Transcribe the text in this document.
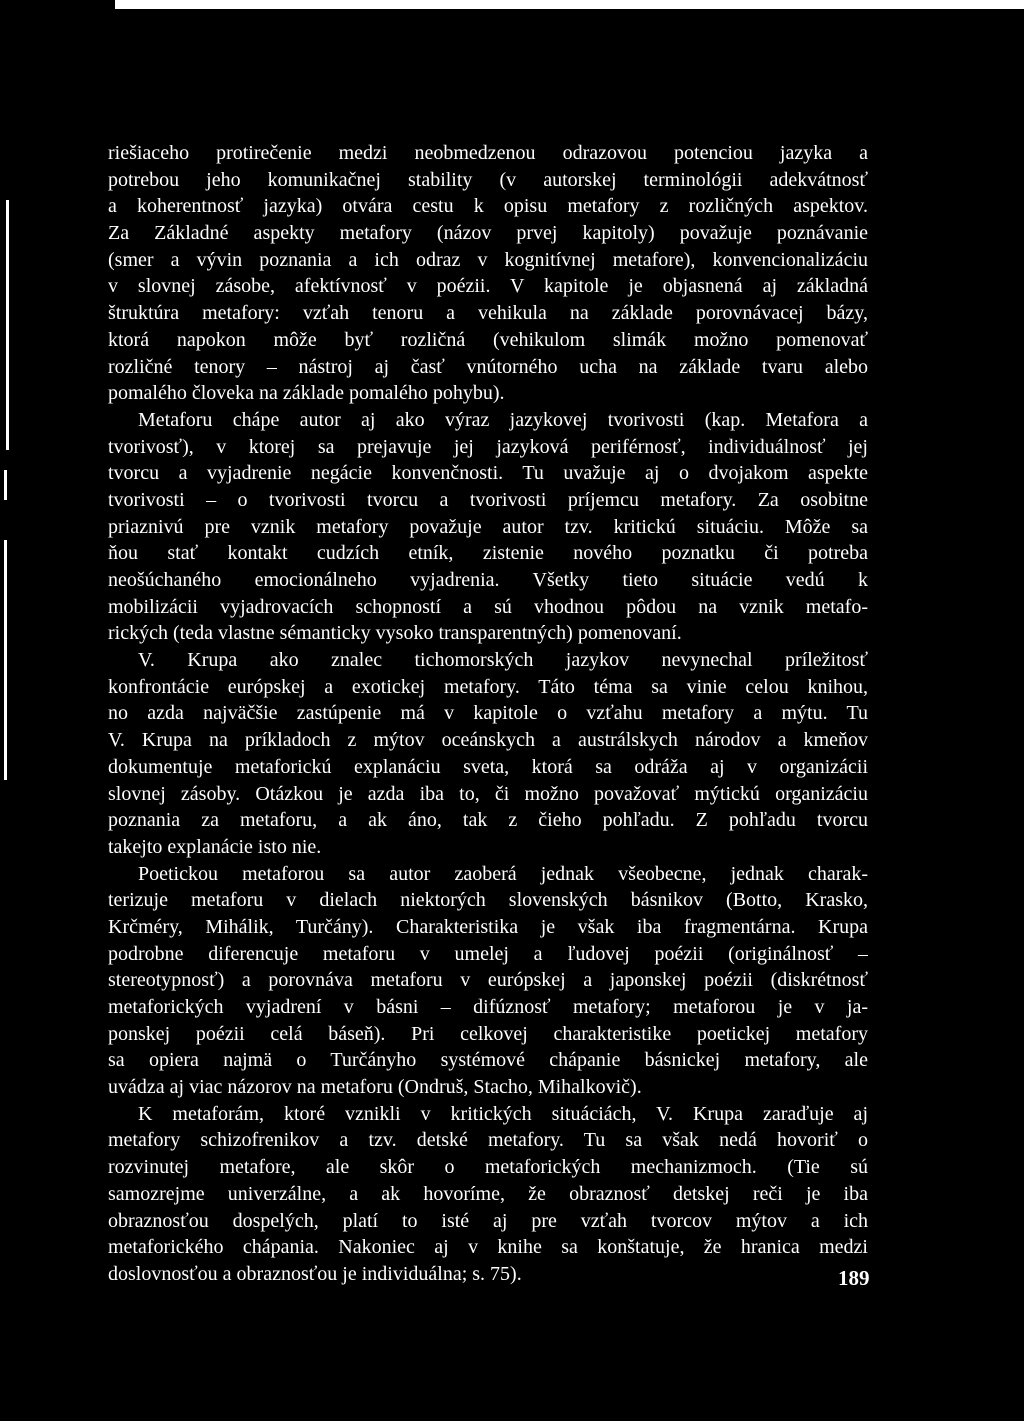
riešiaceho protirečenie medzi neobmedzenou odrazovou potenciou jazyka a

potrebou jeho komunikačnej stability (v autorskej terminológii adekvátnosť

a koherentnosť jazyka) otvára cestu k opisu metafory z rozličných aspektov.

Za Základné aspekty metafory (názov prvej kapitoly) považuje poznávanie

(smer a vývin poznania a ich odraz v kognitívnej metafore), konvencionalizáciu

v slovnej zásobe, afektívnosť v poézii. V kapitole je objasnená aj základná

štruktúra metafory: vzťah tenoru a vehikula na základe porovnávacej bázy,

ktorá napokon môže byť rozličná (vehikulom slimák možno pomenovať

rozličné tenory – nástroj aj časť vnútorného ucha na základe tvaru alebo

pomalého človeka na základe pomalého pohybu).

Metaforu chápe autor aj ako výraz jazykovej tvorivosti (kap. Metafora a

tvorivosť), v ktorej sa prejavuje jej jazyková periférnosť, individuálnosť jej

tvorcu a vyjadrenie negácie konvenčnosti. Tu uvažuje aj o dvojakom aspekte

tvorivosti – o tvorivosti tvorcu a tvorivosti príjemcu metafory. Za osobitne

priaznivú pre vznik metafory považuje autor tzv. kritickú situáciu. Môže sa

ňou stať kontakt cudzích etník, zistenie nového poznatku či potreba

neošúchaného emocionálneho vyjadrenia. Všetky tieto situácie vedú k

mobilizácii vyjadrovacích schopností a sú vhodnou pôdou na vznik metafo-

rických (teda vlastne sémanticky vysoko transparentných) pomenovaní.

V. Krupa ako znalec tichomorských jazykov nevynechal príležitosť

konfrontácie európskej a exotickej metafory. Táto téma sa vinie celou knihou,

no azda najväčšie zastúpenie má v kapitole o vzťahu metafory a mýtu. Tu

V. Krupa na príkladoch z mýtov oceánskych a austrálskych národov a kmeňov

dokumentuje metaforickú explanáciu sveta, ktorá sa odráža aj v organizácii

slovnej zásoby. Otázkou je azda iba to, či možno považovať mýtickú organizáciu

poznania za metaforu, a ak áno, tak z čieho pohľadu. Z pohľadu tvorcu

takejto explanácie isto nie.

Poetickou metaforou sa autor zaoberá jednak všeobecne, jednak charak-

terizuje metaforu v dielach niektorých slovenských básnikov (Botto, Krasko,

Krčméry, Mihálik, Turčány). Charakteristika je však iba fragmentárna. Krupa

podrobne diferencuje metaforu v umelej a ľudovej poézii (originálnosť –

stereotypnosť) a porovnáva metaforu v európskej a japonskej poézii (diskrétnosť

metaforických vyjadrení v básni – difúznosť metafory; metaforou je v ja-

ponskej poézii celá báseň). Pri celkovej charakteristike poetickej metafory

sa opiera najmä o Turčányho systémové chápanie básnickej metafory, ale

uvádza aj viac názorov na metaforu (Ondruš, Stacho, Mihalkovič).

K metaforám, ktoré vznikli v kritických situáciách, V. Krupa zaraďuje aj

metafory schizofrenikov a tzv. detské metafory. Tu sa však nedá hovoriť o

rozvinutej metafore, ale skôr o metaforických mechanizmoch. (Tie sú

samozrejme univerzálne, a ak hovoríme, že obraznosť detskej reči je iba

obraznosťou dospelých, platí to isté aj pre vzťah tvorcov mýtov a ich

metaforického chápania. Nakoniec aj v knihe sa konštatuje, že hranica medzi

doslovnosťou a obraznosťou je individuálna; s. 75).	189
